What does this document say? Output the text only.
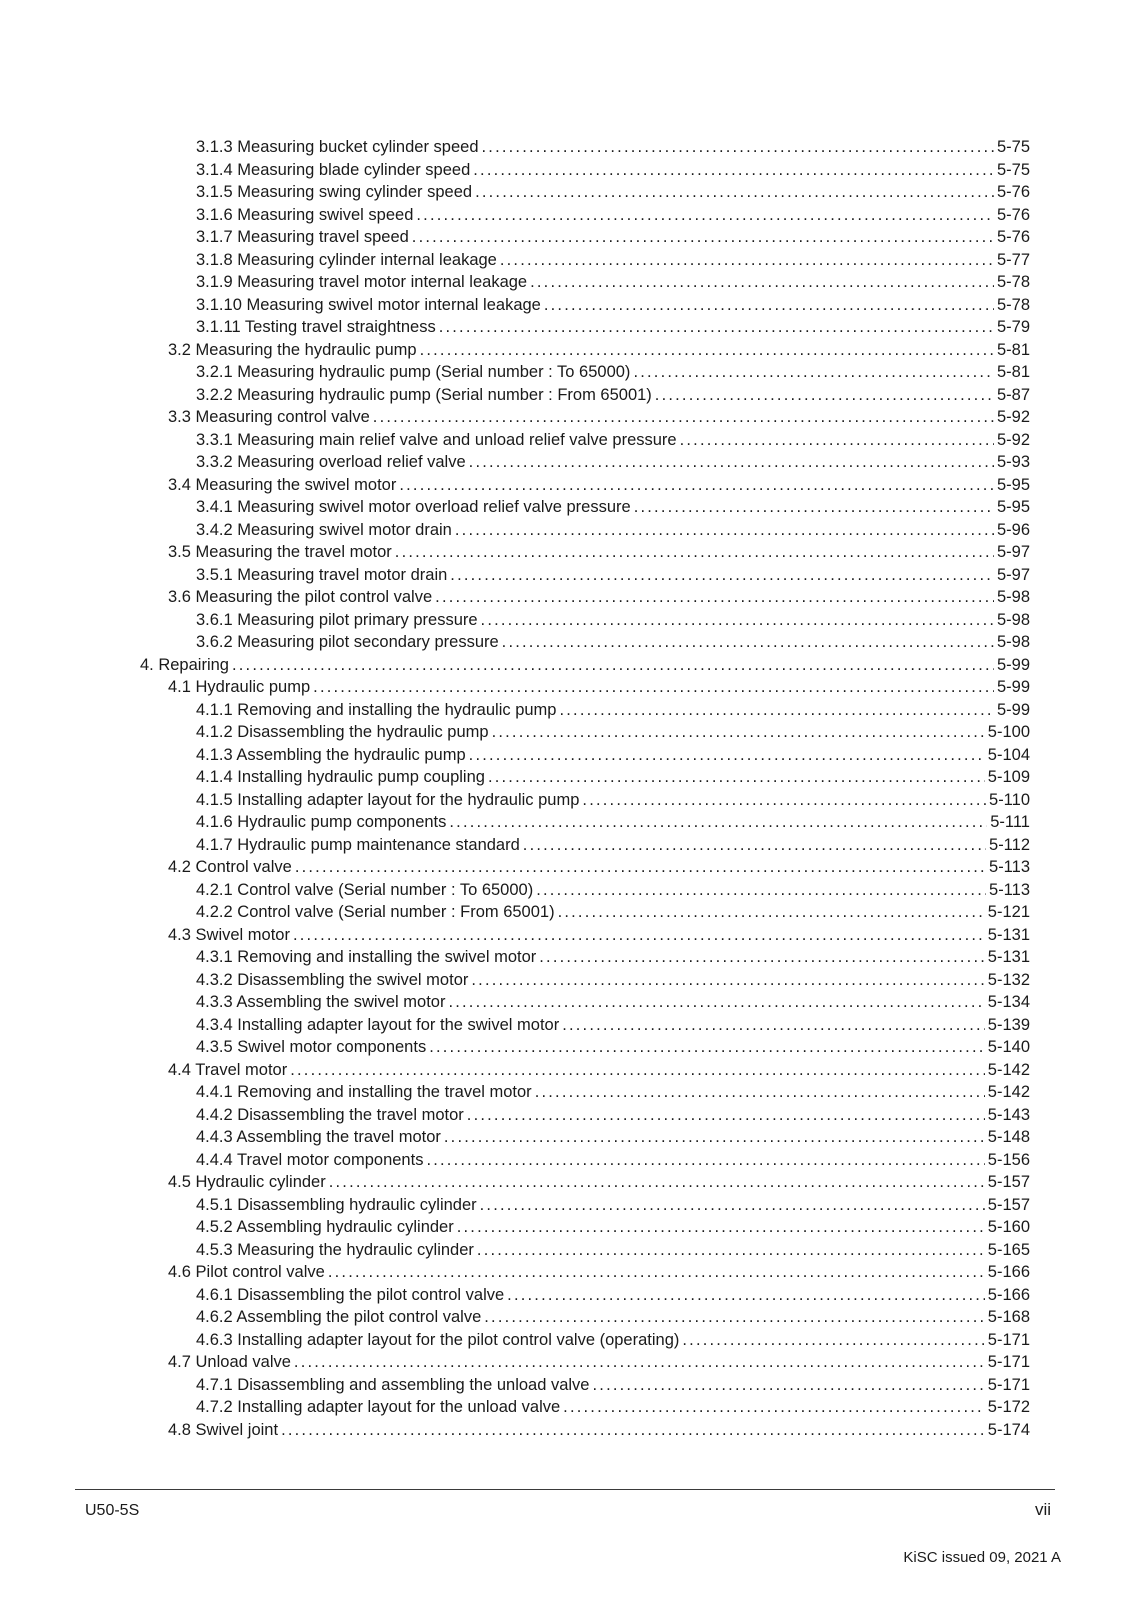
3.1.3 Measuring bucket cylinder speed .....	5-75
3.1.4 Measuring blade cylinder speed .....	5-75
3.1.5 Measuring swing cylinder speed .....	5-76
3.1.6 Measuring swivel speed .....	5-76
3.1.7 Measuring travel speed .....	5-76
3.1.8 Measuring cylinder internal leakage .....	5-77
3.1.9 Measuring travel motor internal leakage .....	5-78
3.1.10 Measuring swivel motor internal leakage .....	5-78
3.1.11 Testing travel straightness .....	5-79
3.2 Measuring the hydraulic pump .....	5-81
3.2.1 Measuring hydraulic pump (Serial number : To 65000) .....	5-81
3.2.2 Measuring hydraulic pump (Serial number : From 65001) .....	5-87
3.3 Measuring control valve .....	5-92
3.3.1 Measuring main relief valve and unload relief valve pressure .....	5-92
3.3.2 Measuring overload relief valve .....	5-93
3.4 Measuring the swivel motor .....	5-95
3.4.1 Measuring swivel motor overload relief valve pressure .....	5-95
3.4.2 Measuring swivel motor drain .....	5-96
3.5 Measuring the travel motor .....	5-97
3.5.1 Measuring travel motor drain .....	5-97
3.6 Measuring the pilot control valve .....	5-98
3.6.1 Measuring pilot primary pressure .....	5-98
3.6.2 Measuring pilot secondary pressure .....	5-98
4. Repairing .....	5-99
4.1 Hydraulic pump .....	5-99
4.1.1 Removing and installing the hydraulic pump .....	5-99
4.1.2 Disassembling the hydraulic pump .....	5-100
4.1.3 Assembling the hydraulic pump .....	5-104
4.1.4 Installing hydraulic pump coupling .....	5-109
4.1.5 Installing adapter layout for the hydraulic pump .....	5-110
4.1.6 Hydraulic pump components .....	5-111
4.1.7 Hydraulic pump maintenance standard .....	5-112
4.2 Control valve .....	5-113
4.2.1 Control valve (Serial number : To 65000) .....	5-113
4.2.2 Control valve (Serial number : From 65001) .....	5-121
4.3 Swivel motor .....	5-131
4.3.1 Removing and installing the swivel motor .....	5-131
4.3.2 Disassembling the swivel motor .....	5-132
4.3.3 Assembling the swivel motor .....	5-134
4.3.4 Installing adapter layout for the swivel motor .....	5-139
4.3.5 Swivel motor components .....	5-140
4.4 Travel motor .....	5-142
4.4.1 Removing and installing the travel motor .....	5-142
4.4.2 Disassembling the travel motor .....	5-143
4.4.3 Assembling the travel motor .....	5-148
4.4.4 Travel motor components .....	5-156
4.5 Hydraulic cylinder .....	5-157
4.5.1 Disassembling hydraulic cylinder .....	5-157
4.5.2 Assembling hydraulic cylinder .....	5-160
4.5.3 Measuring the hydraulic cylinder .....	5-165
4.6 Pilot control valve .....	5-166
4.6.1 Disassembling the pilot control valve .....	5-166
4.6.2 Assembling the pilot control valve .....	5-168
4.6.3 Installing adapter layout for the pilot control valve (operating) .....	5-171
4.7 Unload valve .....	5-171
4.7.1 Disassembling and assembling the unload valve .....	5-171
4.7.2 Installing adapter layout for the unload valve .....	5-172
4.8 Swivel joint .....	5-174
U50-5S	vii
KiSC issued 09, 2021 A
